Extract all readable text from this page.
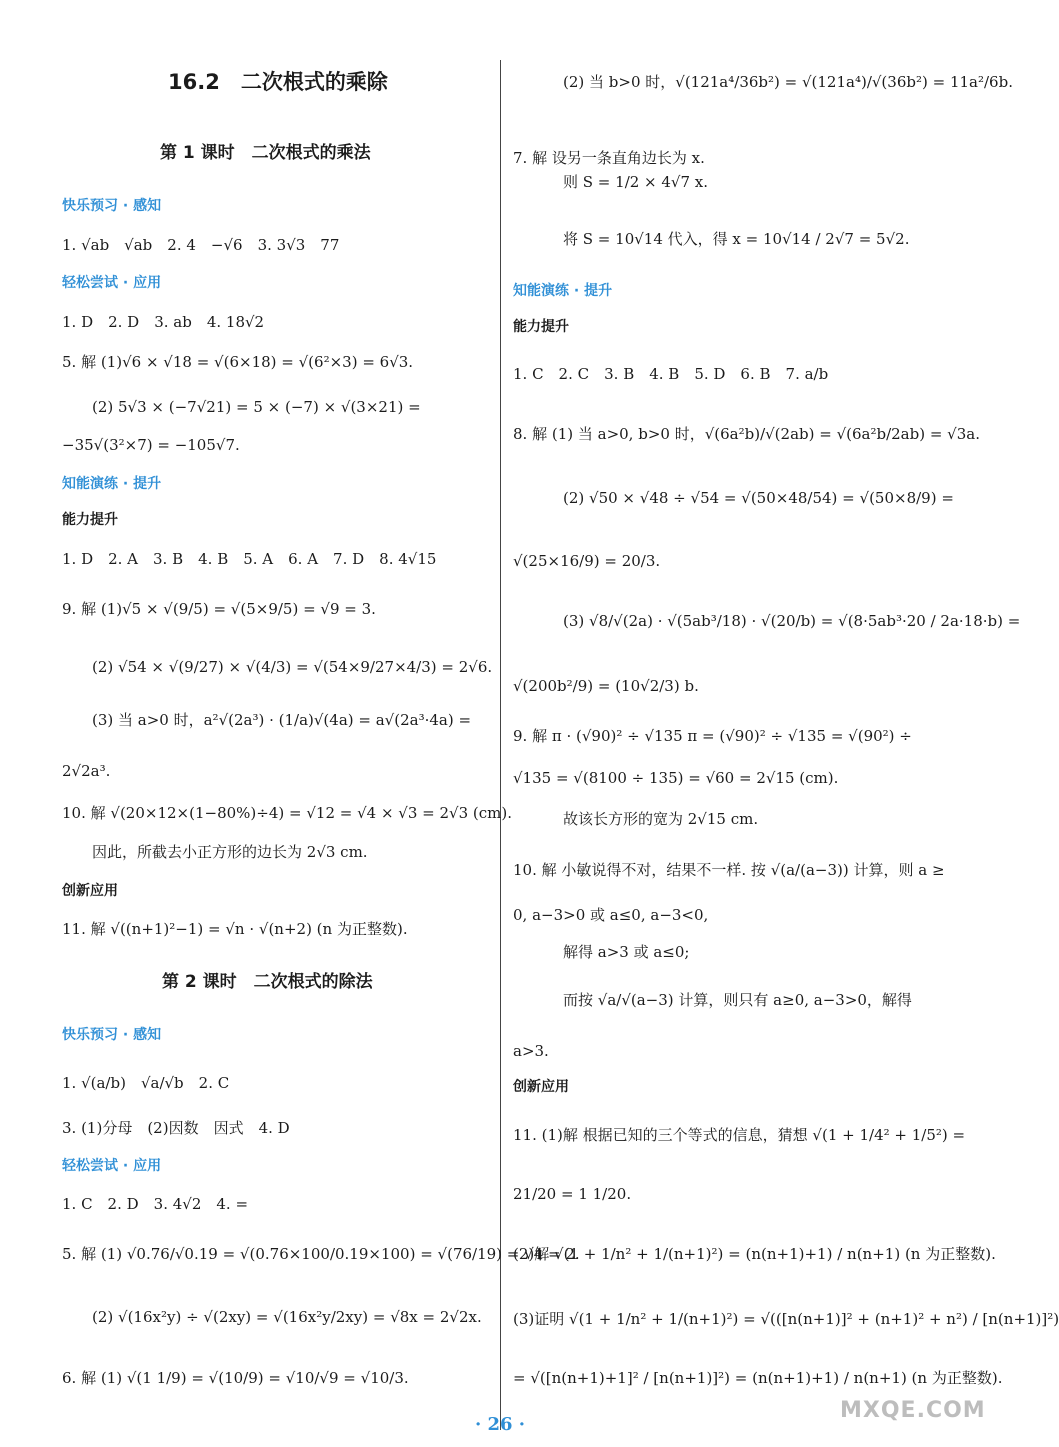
16.2　二次根式的乘除
第 1 课时　二次根式的乘法
第 2 课时　二次根式的除法
快乐预习 · 感知
1. √ab　√ab　2. 4　−√6　3. 3√3　77
轻松尝试 · 应用
1. D　2. D　3. ab　4. 18√2
5. 解 (1)√6 × √18 = √(6×18) = √(6²×3) = 6√3.
(2) 5√3 × (−7√21) = 5 × (−7) × √(3×21) =
−35√(3²×7) = −105√7.
知能演练 · 提升
能力提升
1. D　2. A　3. B　4. B　5. A　6. A　7. D　8. 4√15
9. 解 (1)√5 × √(9/5) = √(5×9/5) = √9 = 3.
(2) √54 × √(9/27) × √(4/3) = √(54×9/27×4/3) = 2√6.
(3) 当 a>0 时，a²√(2a³) · (1/a)√(4a) = a√(2a³·4a) =
2√2a³.
10. 解 √(20×12×(1−80%)÷4) = √12 = √4 × √3 = 2√3 (cm).
因此，所截去小正方形的边长为 2√3 cm.
创新应用
11. 解 √((n+1)²−1) = √n · √(n+2) (n 为正整数).
快乐预习 · 感知
1. √(a/b)　√a/√b　2. C
3. (1)分母　(2)因数　因式　4. D
轻松尝试 · 应用
1. C　2. D　3. 4√2　4. =
5. 解 (1) √0.76/√0.19 = √(0.76×100/0.19×100) = √(76/19) = √4 = 2.
(2) √(16x²y) ÷ √(2xy) = √(16x²y/2xy) = √8x = 2√2x.
6. 解 (1) √(1 1/9) = √(10/9) = √10/√9 = √10/3.
(2) 当 b>0 时，√(121a⁴/36b²) = √(121a⁴)/√(36b²) = 11a²/6b.
7. 解 设另一条直角边长为 x.
则 S = 1/2 × 4√7 x.
将 S = 10√14 代入，得 x = 10√14 / 2√7 = 5√2.
知能演练 · 提升
能力提升
1. C　2. C　3. B　4. B　5. D　6. B　7. a/b
8. 解 (1) 当 a>0, b>0 时，√(6a²b)/√(2ab) = √(6a²b/2ab) = √3a.
(2) √50 × √48 ÷ √54 = √(50×48/54) = √(50×8/9) =
√(25×16/9) = 20/3.
(3) √8/√(2a) · √(5ab³/18) · √(20/b) = √(8·5ab³·20 / 2a·18·b) =
√(200b²/9) = (10√2/3) b.
9. 解 π · (√90)² ÷ √135 π = (√90)² ÷ √135 = √(90²) ÷
√135 = √(8100 ÷ 135) = √60 = 2√15 (cm).
故该长方形的宽为 2√15 cm.
10. 解 小敏说得不对，结果不一样. 按 √(a/(a−3)) 计算，则 a ≥
0, a−3>0 或 a≤0, a−3<0,
解得 a>3 或 a≤0;
而按 √a/√(a−3) 计算，则只有 a≥0, a−3>0，解得
a>3.
创新应用
11. (1)解 根据已知的三个等式的信息，猜想 √(1 + 1/4² + 1/5²) =
21/20 = 1 1/20.
(2)解 √(1 + 1/n² + 1/(n+1)²) = (n(n+1)+1) / n(n+1) (n 为正整数).
(3)证明 √(1 + 1/n² + 1/(n+1)²) = √(([n(n+1)]² + (n+1)² + n²) / [n(n+1)]²)
= √([n(n+1)+1]² / [n(n+1)]²) = (n(n+1)+1) / n(n+1) (n 为正整数).
· 26 ·
MXQE.COM
